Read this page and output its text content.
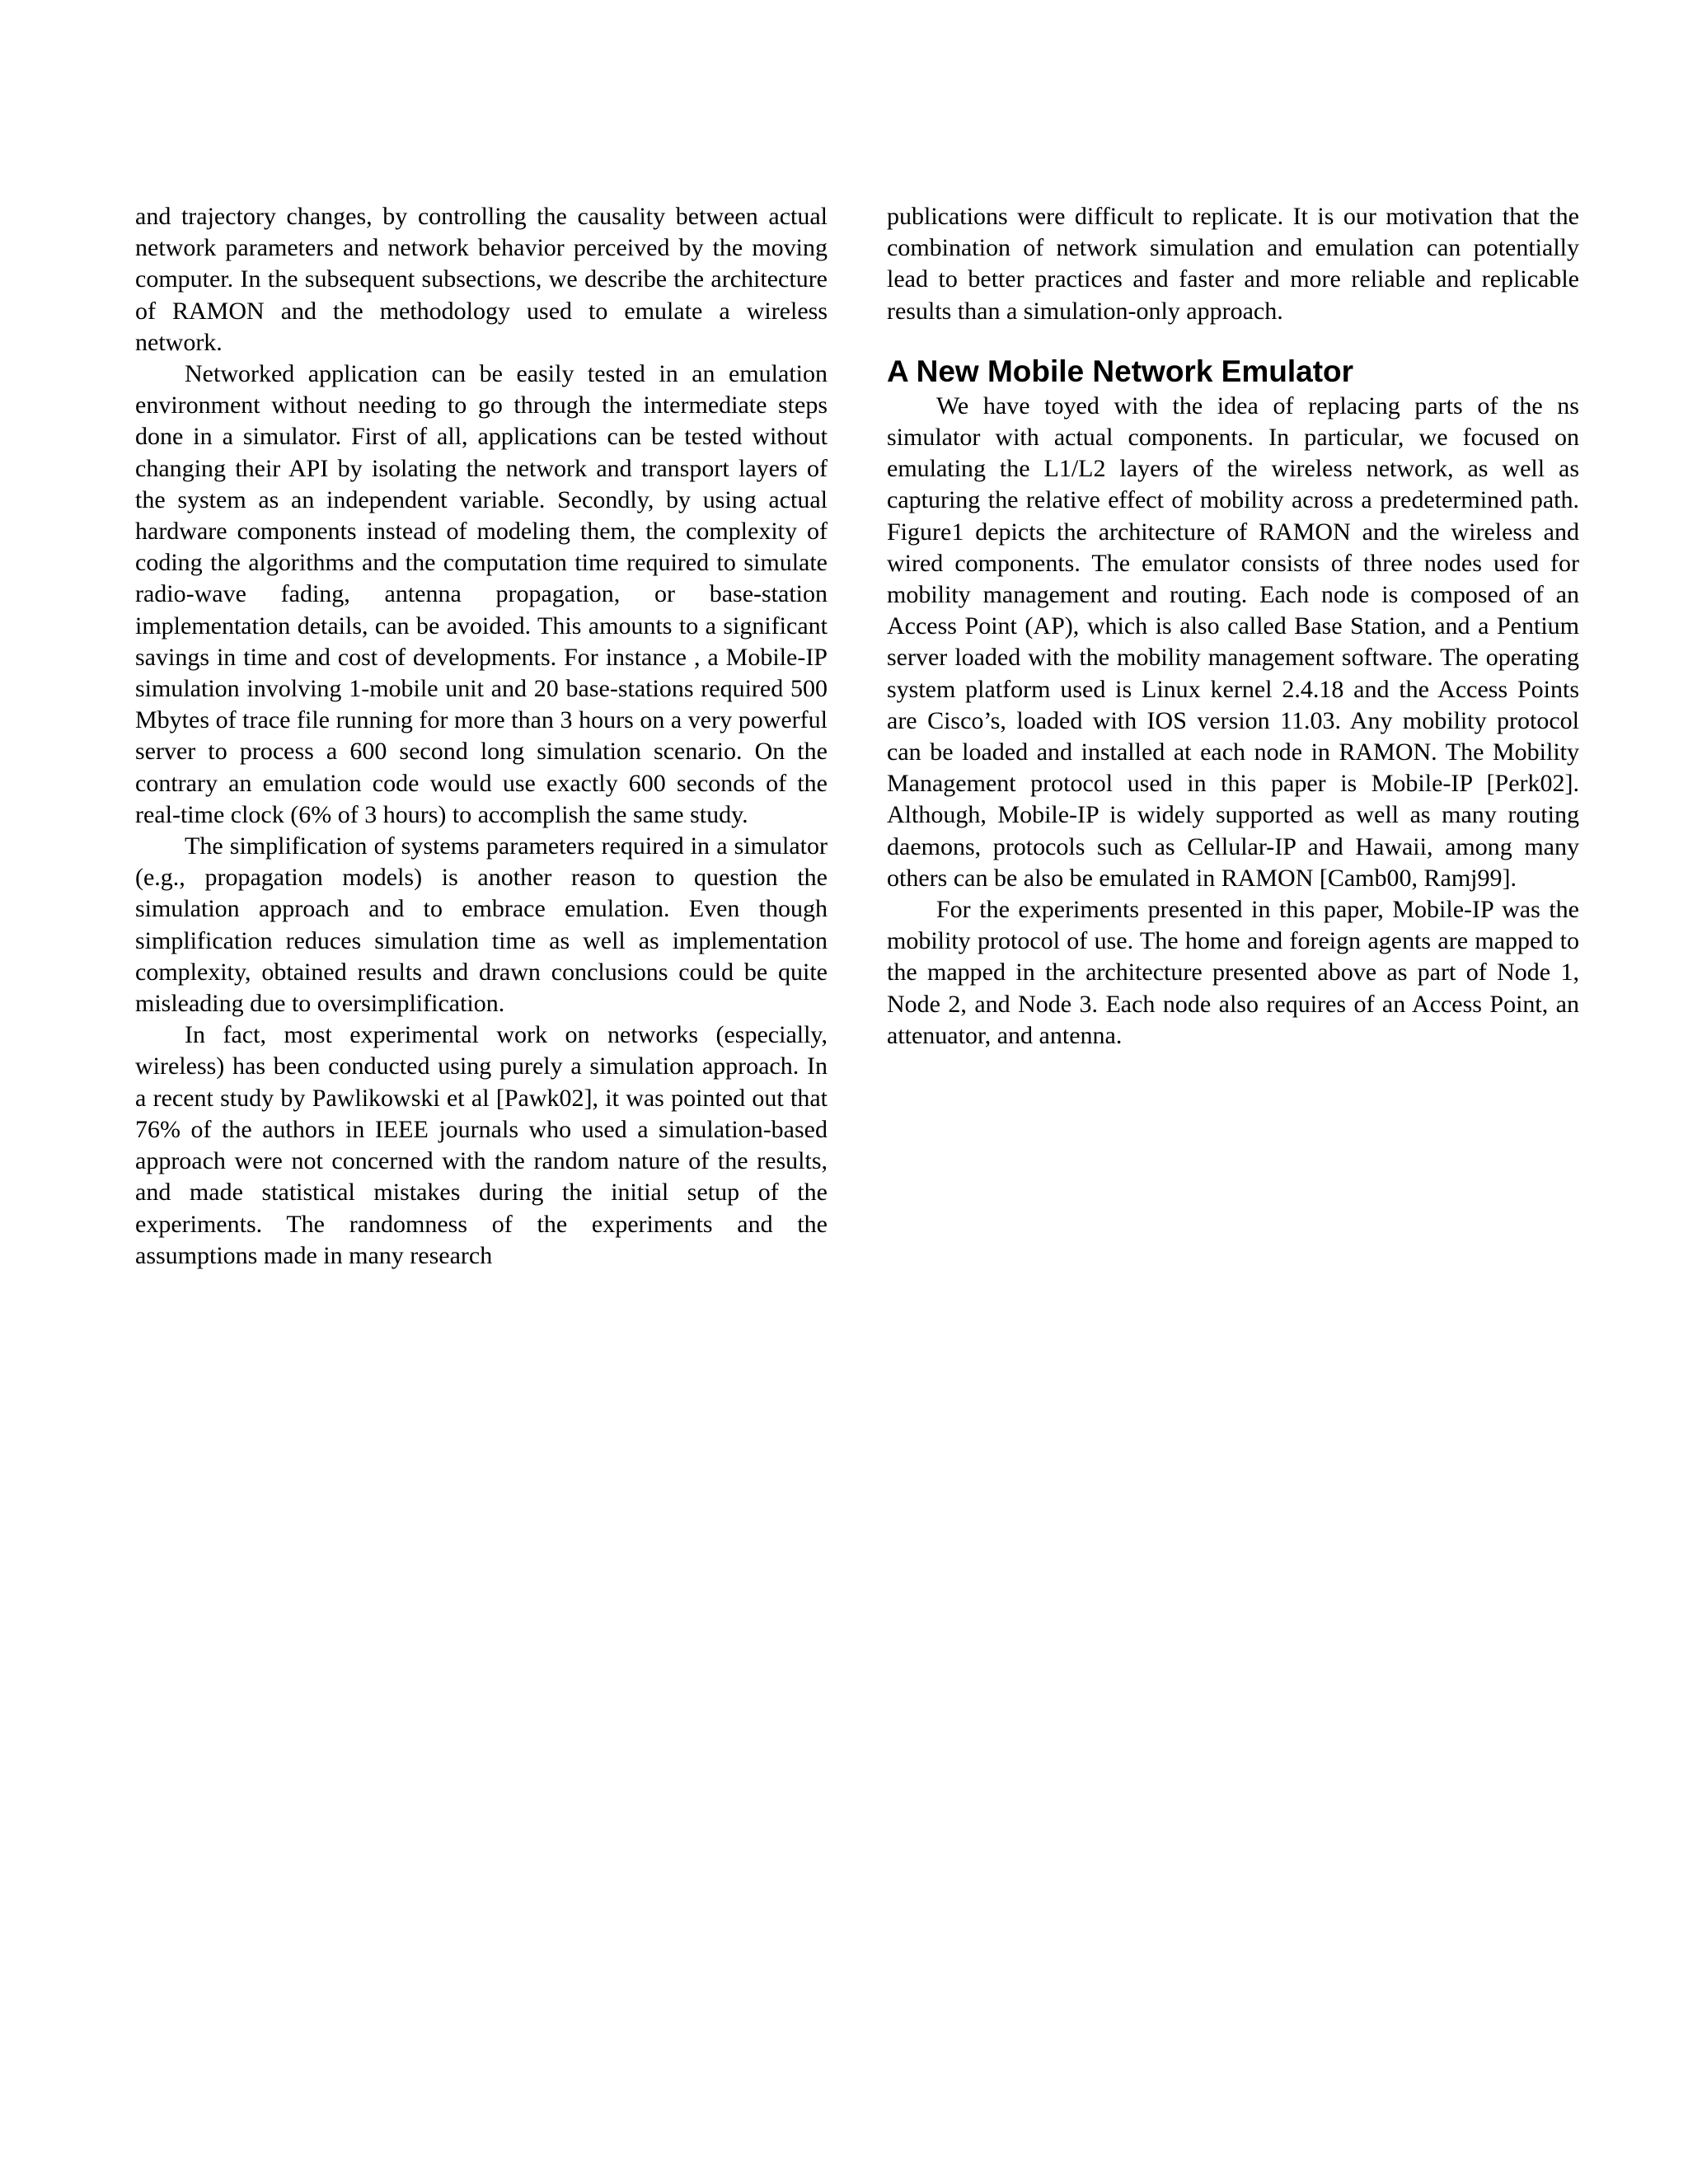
and trajectory changes, by controlling the causality between actual network parameters and network behavior perceived by the moving computer. In the subsequent subsections, we describe the architecture of RAMON and the methodology used to emulate a wireless network.

Networked application can be easily tested in an emulation environment without needing to go through the intermediate steps done in a simulator. First of all, applications can be tested without changing their API by isolating the network and transport layers of the system as an independent variable. Secondly, by using actual hardware components instead of modeling them, the complexity of coding the algorithms and the computation time required to simulate radio-wave fading, antenna propagation, or base-station implementation details, can be avoided. This amounts to a significant savings in time and cost of developments. For instance , a Mobile-IP simulation involving 1-mobile unit and 20 base-stations required 500 Mbytes of trace file running for more than 3 hours on a very powerful server to process a 600 second long simulation scenario. On the contrary an emulation code would use exactly 600 seconds of the real-time clock (6% of 3 hours) to accomplish the same study.

The simplification of systems parameters required in a simulator (e.g., propagation models) is another reason to question the simulation approach and to embrace emulation. Even though simplification reduces simulation time as well as implementation complexity, obtained results and drawn conclusions could be quite misleading due to oversimplification.

In fact, most experimental work on networks (especially, wireless) has been conducted using purely a simulation approach. In a recent study by Pawlikowski et al [Pawk02], it was pointed out that 76% of the authors in IEEE journals who used a simulation-based approach were not concerned with the random nature of the results, and made statistical mistakes during the initial setup of the experiments. The randomness of the experiments and the assumptions made in many research

publications were difficult to replicate. It is our motivation that the combination of network simulation and emulation can potentially lead to better practices and faster and more reliable and replicable results than a simulation-only approach.

A New Mobile Network Emulator

We have toyed with the idea of replacing parts of the ns simulator with actual components. In particular, we focused on emulating the L1/L2 layers of the wireless network, as well as capturing the relative effect of mobility across a predetermined path. Figure1 depicts the architecture of RAMON and the wireless and wired components. The emulator consists of three nodes used for mobility management and routing. Each node is composed of an Access Point (AP), which is also called Base Station, and a Pentium server loaded with the mobility management software. The operating system platform used is Linux kernel 2.4.18 and the Access Points are Cisco’s, loaded with IOS version 11.03. Any mobility protocol can be loaded and installed at each node in RAMON. The Mobility Management protocol used in this paper is Mobile-IP [Perk02]. Although, Mobile-IP is widely supported as well as many routing daemons, protocols such as Cellular-IP and Hawaii, among many others can be also be emulated in RAMON [Camb00, Ramj99].

For the experiments presented in this paper, Mobile-IP was the mobility protocol of use. The home and foreign agents are mapped to the mapped in the architecture presented above as part of Node 1, Node 2, and Node 3. Each node also requires of an Access Point, an attenuator, and antenna.
